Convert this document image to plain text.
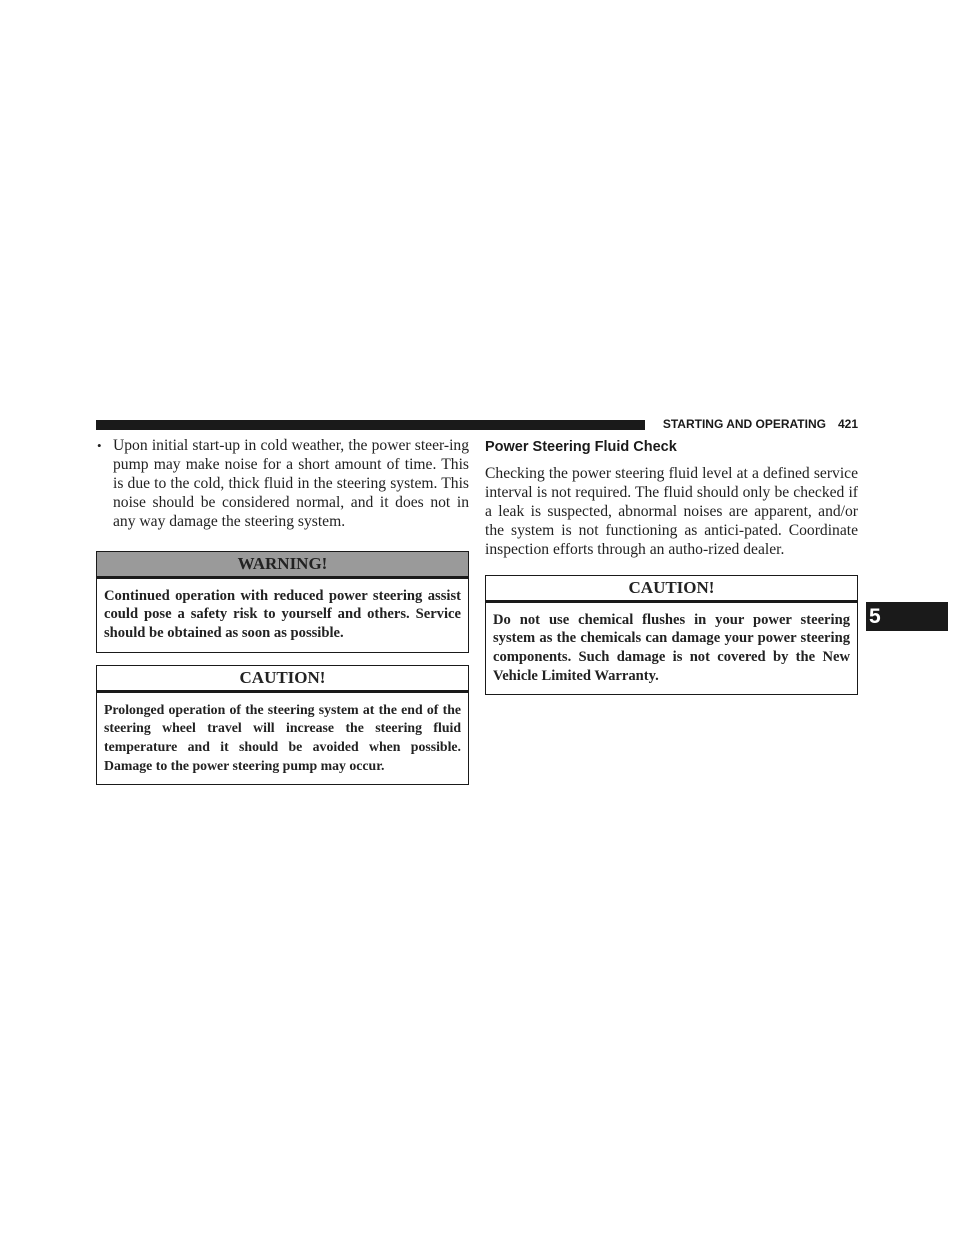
STARTING AND OPERATING 421
• Upon initial start-up in cold weather, the power steer-ing pump may make noise for a short amount of time. This is due to the cold, thick fluid in the steering system. This noise should be considered normal, and it does not in any way damage the steering system.
WARNING!
Continued operation with reduced power steering assist could pose a safety risk to yourself and others. Service should be obtained as soon as possible.
CAUTION!
Prolonged operation of the steering system at the end of the steering wheel travel will increase the steering fluid temperature and it should be avoided when possible. Damage to the power steering pump may occur.
Power Steering Fluid Check
Checking the power steering fluid level at a defined service interval is not required. The fluid should only be checked if a leak is suspected, abnormal noises are apparent, and/or the system is not functioning as antici-pated. Coordinate inspection efforts through an autho-rized dealer.
CAUTION!
Do not use chemical flushes in your power steering system as the chemicals can damage your power steering components. Such damage is not covered by the New Vehicle Limited Warranty.
5
